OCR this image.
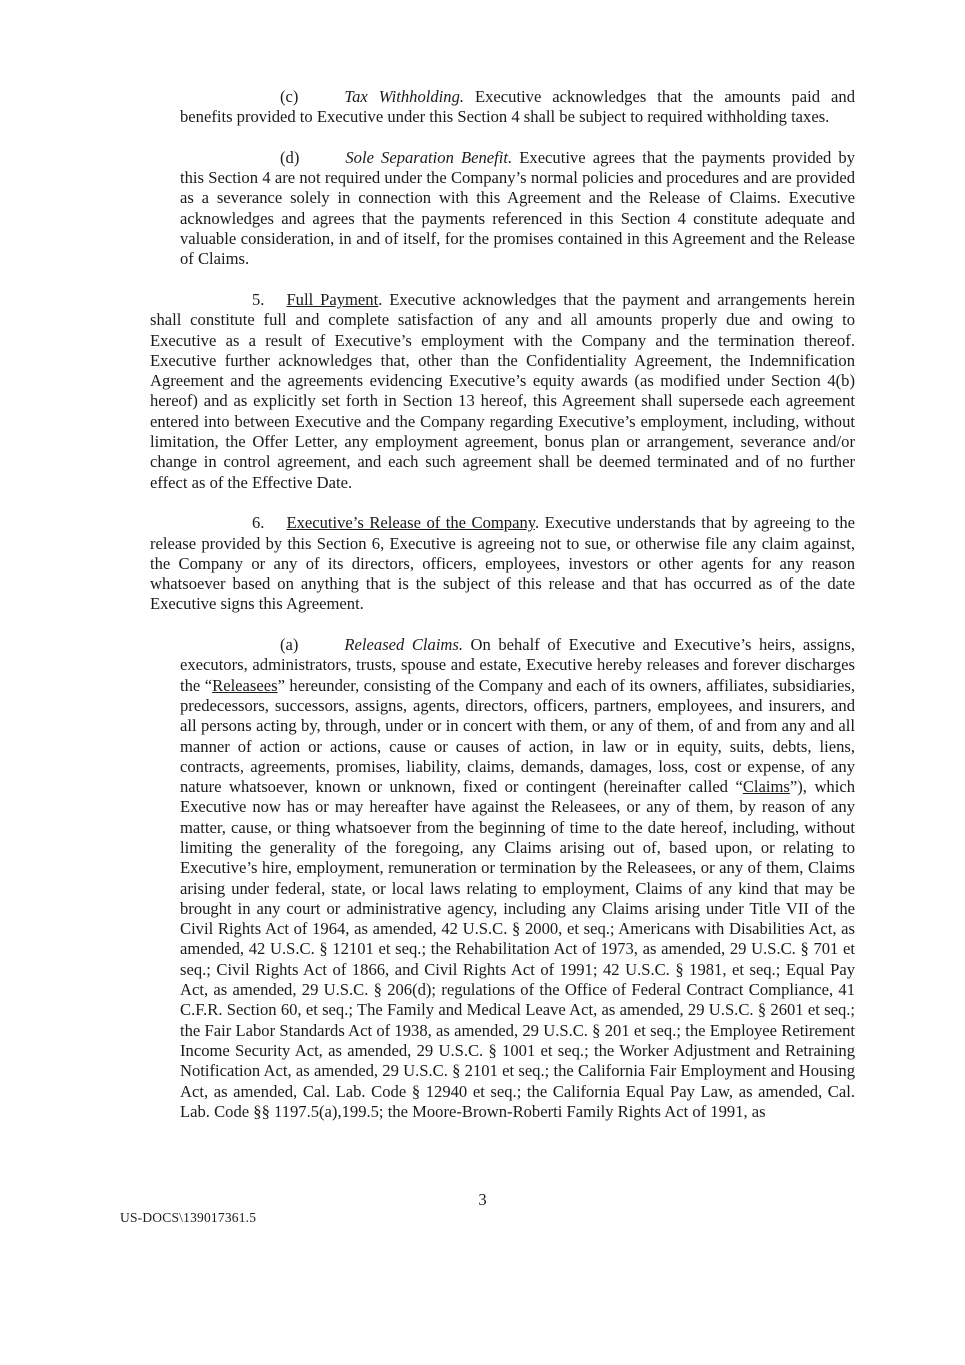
(c)	Tax Withholding. Executive acknowledges that the amounts paid and benefits provided to Executive under this Section 4 shall be subject to required withholding taxes.

(d)	Sole Separation Benefit. Executive agrees that the payments provided by this Section 4 are not required under the Company’s normal policies and procedures and are provided as a severance solely in connection with this Agreement and the Release of Claims. Executive acknowledges and agrees that the payments referenced in this Section 4 constitute adequate and valuable consideration, in and of itself, for the promises contained in this Agreement and the Release of Claims.

5. Full Payment. Executive acknowledges that the payment and arrangements herein shall constitute full and complete satisfaction of any and all amounts properly due and owing to Executive as a result of Executive’s employment with the Company and the termination thereof. Executive further acknowledges that, other than the Confidentiality Agreement, the Indemnification Agreement and the agreements evidencing Executive’s equity awards (as modified under Section 4(b) hereof) and as explicitly set forth in Section 13 hereof, this Agreement shall supersede each agreement entered into between Executive and the Company regarding Executive’s employment, including, without limitation, the Offer Letter, any employment agreement, bonus plan or arrangement, severance and/or change in control agreement, and each such agreement shall be deemed terminated and of no further effect as of the Effective Date.

6. Executive’s Release of the Company. Executive understands that by agreeing to the release provided by this Section 6, Executive is agreeing not to sue, or otherwise file any claim against, the Company or any of its directors, officers, employees, investors or other agents for any reason whatsoever based on anything that is the subject of this release and that has occurred as of the date Executive signs this Agreement.

(a)	Released Claims. On behalf of Executive and Executive’s heirs, assigns, executors, administrators, trusts, spouse and estate, Executive hereby releases and forever discharges the “Releasees” hereunder, consisting of the Company and each of its owners, affiliates, subsidiaries, predecessors, successors, assigns, agents, directors, officers, partners, employees, and insurers, and all persons acting by, through, under or in concert with them, or any of them, of and from any and all manner of action or actions, cause or causes of action, in law or in equity, suits, debts, liens, contracts, agreements, promises, liability, claims, demands, damages, loss, cost or expense, of any nature whatsoever, known or unknown, fixed or contingent (hereinafter called “Claims”), which Executive now has or may hereafter have against the Releasees, or any of them, by reason of any matter, cause, or thing whatsoever from the beginning of time to the date hereof, including, without limiting the generality of the foregoing, any Claims arising out of, based upon, or relating to Executive’s hire, employment, remuneration or termination by the Releasees, or any of them, Claims arising under federal, state, or local laws relating to employment, Claims of any kind that may be brought in any court or administrative agency, including any Claims arising under Title VII of the Civil Rights Act of 1964, as amended, 42 U.S.C. § 2000, et seq.; Americans with Disabilities Act, as amended, 42 U.S.C. § 12101 et seq.; the Rehabilitation Act of 1973, as amended, 29 U.S.C. § 701 et seq.; Civil Rights Act of 1866, and Civil Rights Act of 1991; 42 U.S.C. § 1981, et seq.; Equal Pay Act, as amended, 29 U.S.C. § 206(d); regulations of the Office of Federal Contract Compliance, 41 C.F.R. Section 60, et seq.; The Family and Medical Leave Act, as amended, 29 U.S.C. § 2601 et seq.; the Fair Labor Standards Act of 1938, as amended, 29 U.S.C. § 201 et seq.; the Employee Retirement Income Security Act, as amended, 29 U.S.C. § 1001 et seq.; the Worker Adjustment and Retraining Notification Act, as amended, 29 U.S.C. § 2101 et seq.; the California Fair Employment and Housing Act, as amended, Cal. Lab. Code § 12940 et seq.; the California Equal Pay Law, as amended, Cal. Lab. Code §§ 1197.5(a),199.5; the Moore-Brown-Roberti Family Rights Act of 1991, as

3
US-DOCS\139017361.5
